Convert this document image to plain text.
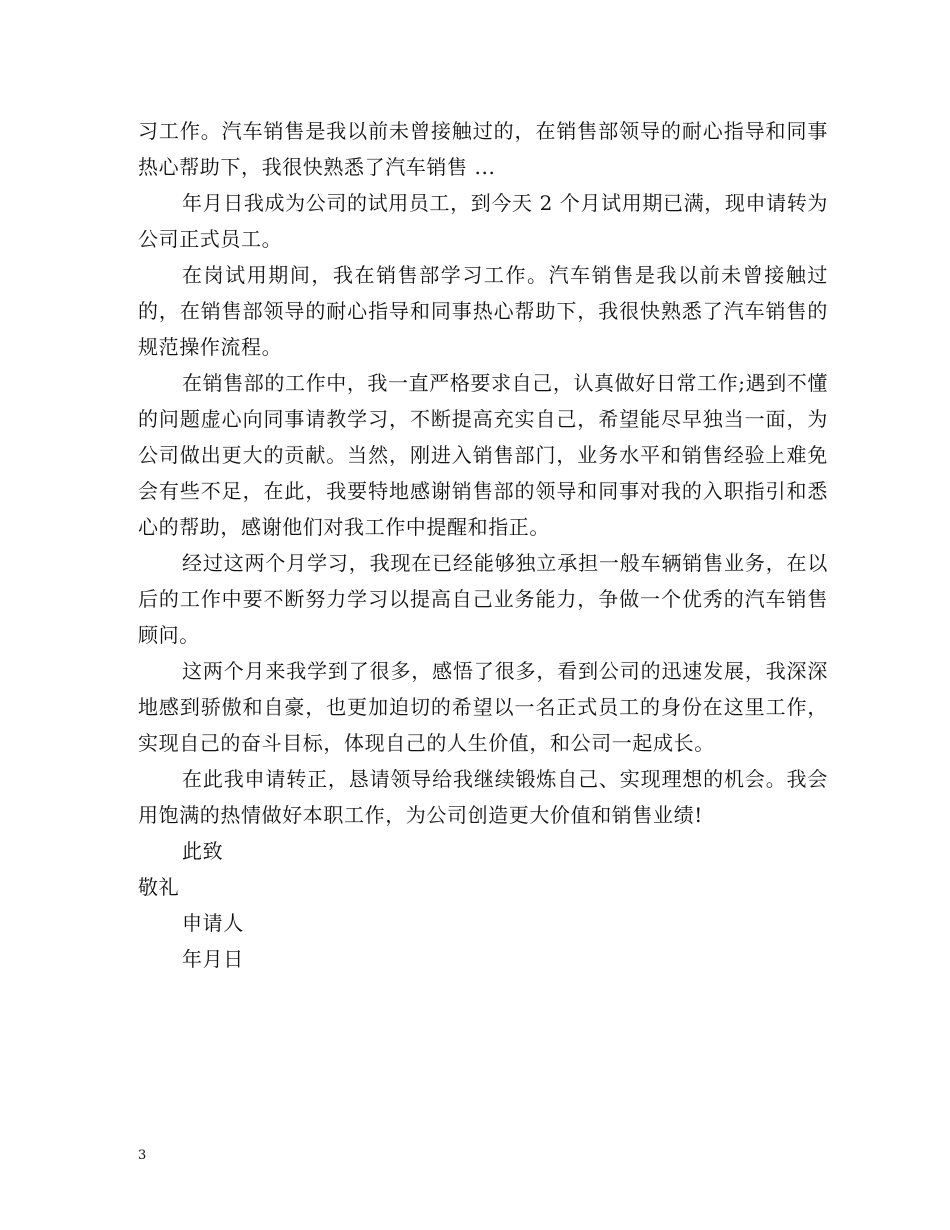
习工作。汽车销售是我以前未曾接触过的，在销售部领导的耐心指导和同事热心帮助下，我很快熟悉了汽车销售 ...

年月日我成为公司的试用员工，到今天 2 个月试用期已满，现申请转为公司正式员工。

在岗试用期间，我在销售部学习工作。汽车销售是我以前未曾接触过的，在销售部领导的耐心指导和同事热心帮助下，我很快熟悉了汽车销售的规范操作流程。

在销售部的工作中，我一直严格要求自己，认真做好日常工作;遇到不懂的问题虚心向同事请教学习，不断提高充实自己，希望能尽早独当一面，为公司做出更大的贡献。当然，刚进入销售部门，业务水平和销售经验上难免会有些不足，在此，我要特地感谢销售部的领导和同事对我的入职指引和悉心的帮助，感谢他们对我工作中提醒和指正。

经过这两个月学习，我现在已经能够独立承担一般车辆销售业务，在以后的工作中要不断努力学习以提高自己业务能力，争做一个优秀的汽车销售顾问。

这两个月来我学到了很多，感悟了很多，看到公司的迅速发展，我深深地感到骄傲和自豪，也更加迫切的希望以一名正式员工的身份在这里工作，实现自己的奋斗目标，体现自己的人生价值，和公司一起成长。

在此我申请转正，恳请领导给我继续锻炼自己、实现理想的机会。我会用饱满的热情做好本职工作，为公司创造更大价值和销售业绩!

此致

敬礼

申请人

年月日

3
